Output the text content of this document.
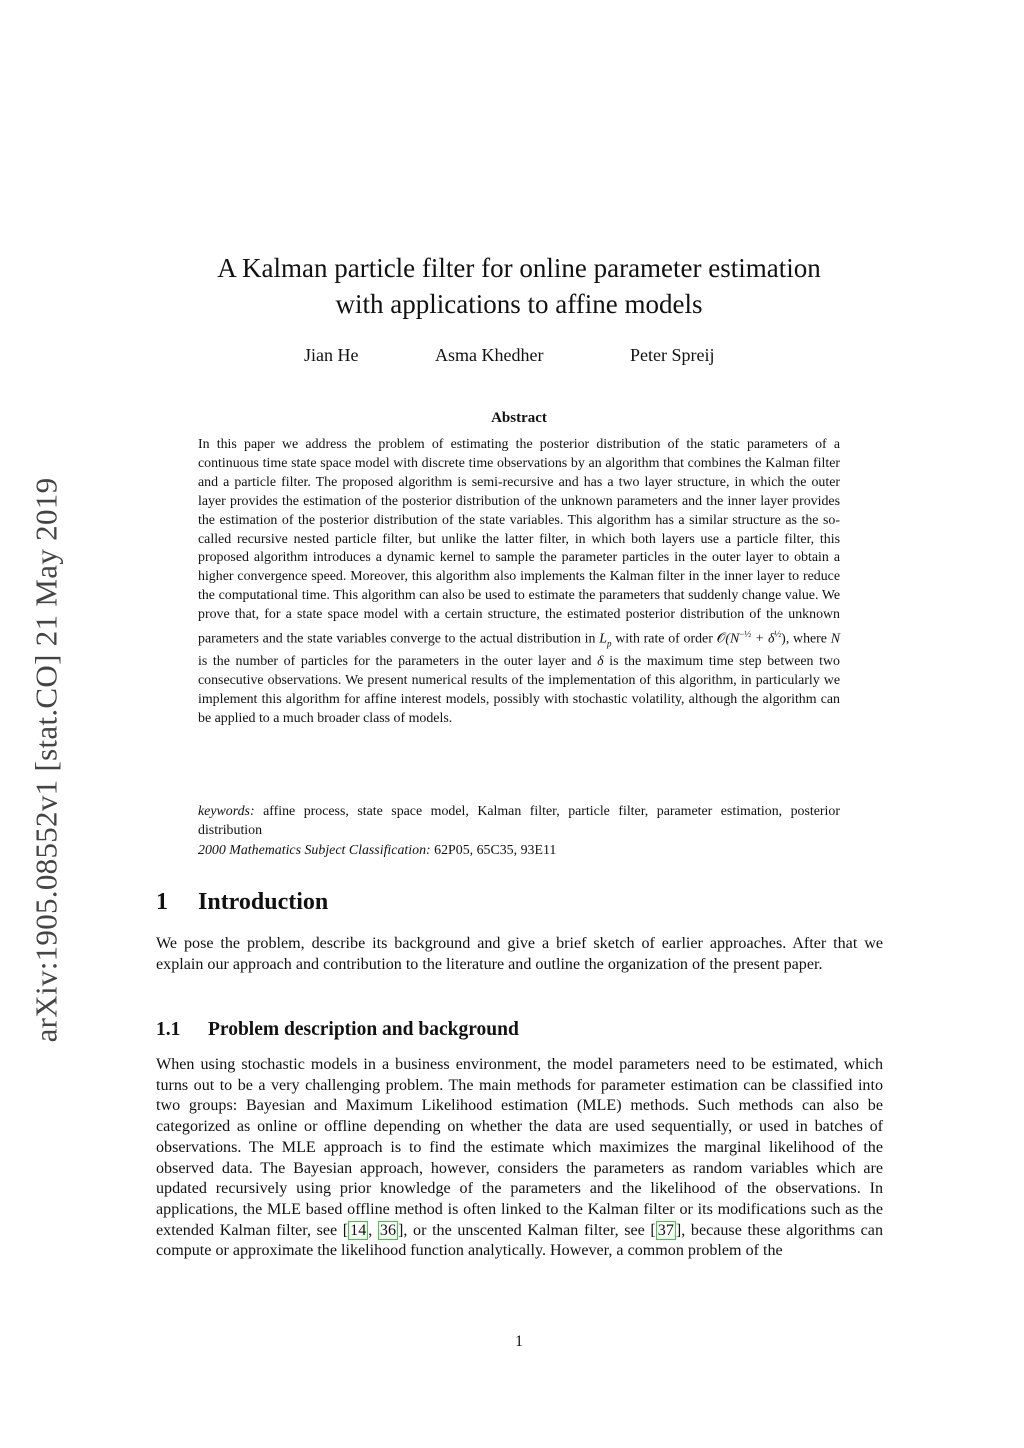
arXiv:1905.08552v1 [stat.CO] 21 May 2019
A Kalman particle filter for online parameter estimation
with applications to affine models
Jian He	Asma Khedher	Peter Spreij
Abstract

In this paper we address the problem of estimating the posterior distribution of the static parameters of a continuous time state space model with discrete time observations by an algorithm that combines the Kalman filter and a particle filter. The proposed algorithm is semi-recursive and has a two layer structure, in which the outer layer provides the estimation of the posterior distribution of the unknown parameters and the inner layer provides the estimation of the posterior distribution of the state variables. This algorithm has a similar structure as the so-called recursive nested particle filter, but unlike the latter filter, in which both layers use a particle filter, this proposed algorithm introduces a dynamic kernel to sample the parameter particles in the outer layer to obtain a higher convergence speed. Moreover, this algorithm also implements the Kalman filter in the inner layer to reduce the computational time. This algorithm can also be used to estimate the parameters that suddenly change value. We prove that, for a state space model with a certain structure, the estimated posterior distribution of the unknown parameters and the state variables converge to the actual distribution in $L_p$ with rate of order $𝒪(N^{-\frac{1}{2}} + \delta^{\frac{1}{2}})$, where N is the number of particles for the parameters in the outer layer and δ is the maximum time step between two consecutive observations. We present numerical results of the implementation of this algorithm, in particularly we implement this algorithm for affine interest models, possibly with stochastic volatility, although the algorithm can be applied to a much broader class of models.

keywords: affine process, state space model, Kalman filter, particle filter, parameter estimation, posterior distribution

2000 Mathematics Subject Classification: 62P05, 65C35, 93E11
1 Introduction

We pose the problem, describe its background and give a brief sketch of earlier approaches. After that we explain our approach and contribution to the literature and outline the organization of the present paper.

1.1 Problem description and background

When using stochastic models in a business environment, the model parameters need to be estimated, which turns out to be a very challenging problem. The main methods for parameter estimation can be classified into two groups: Bayesian and Maximum Likelihood estimation (MLE) methods. Such methods can also be categorized as online or offline depending on whether the data are used sequentially, or used in batches of observations. The MLE approach is to find the estimate which maximizes the marginal likelihood of the observed data. The Bayesian approach, however, considers the parameters as random variables which are updated recursively using prior knowledge of the parameters and the likelihood of the observations. In applications, the MLE based offline method is often linked to the Kalman filter or its modifications such as the extended Kalman filter, see [ 14 , 36 ], or the unscented Kalman filter, see [ 37 ], because these algorithms can compute or approximate the likelihood function analytically. However, a common problem of the

1
